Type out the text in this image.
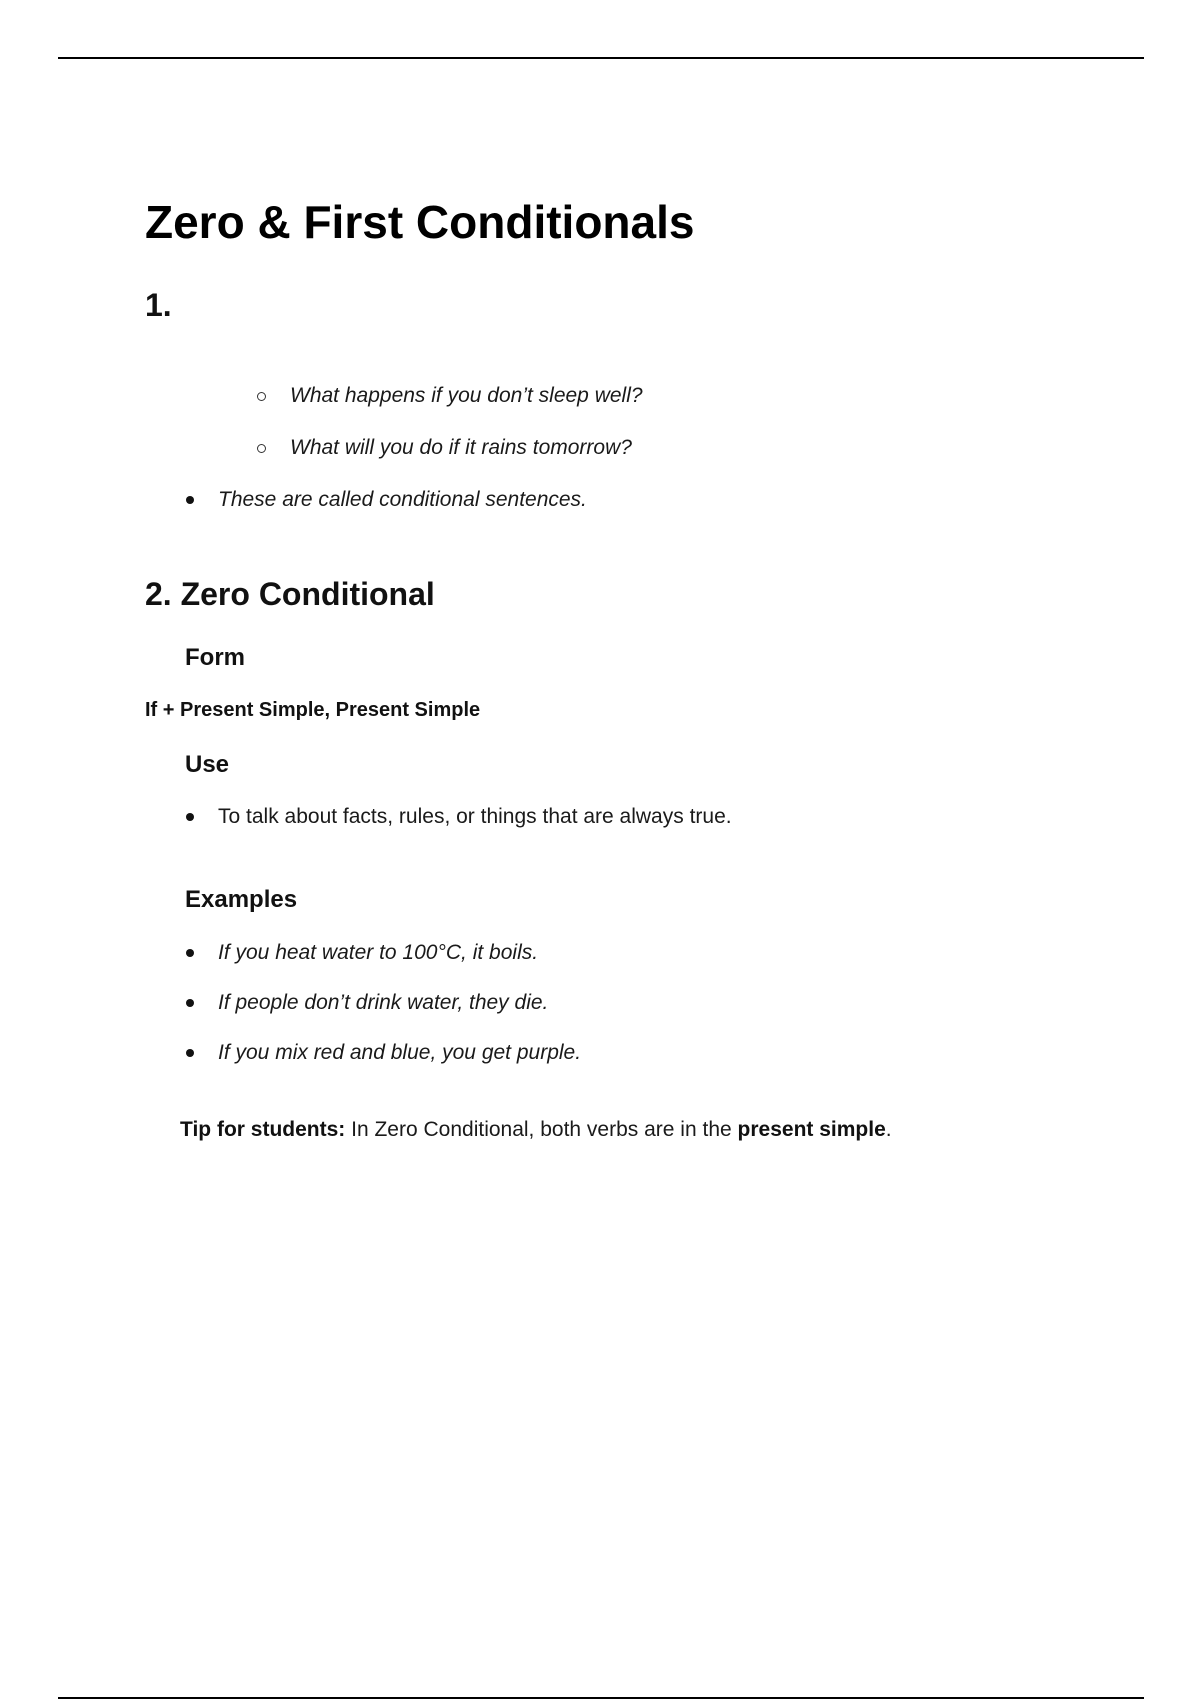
Zero & First Conditionals
1.

What happens if you don’t sleep well?

What will you do if it rains tomorrow?

These are called conditional sentences.

2. Zero Conditional
Form

If + Present Simple, Present Simple

Use

To talk about facts, rules, or things that are always true.

Examples

If you heat water to 100°C, it boils.

If people don’t drink water, they die.

If you mix red and blue, you get purple.

Tip for students: In Zero Conditional, both verbs are in the present simple.
